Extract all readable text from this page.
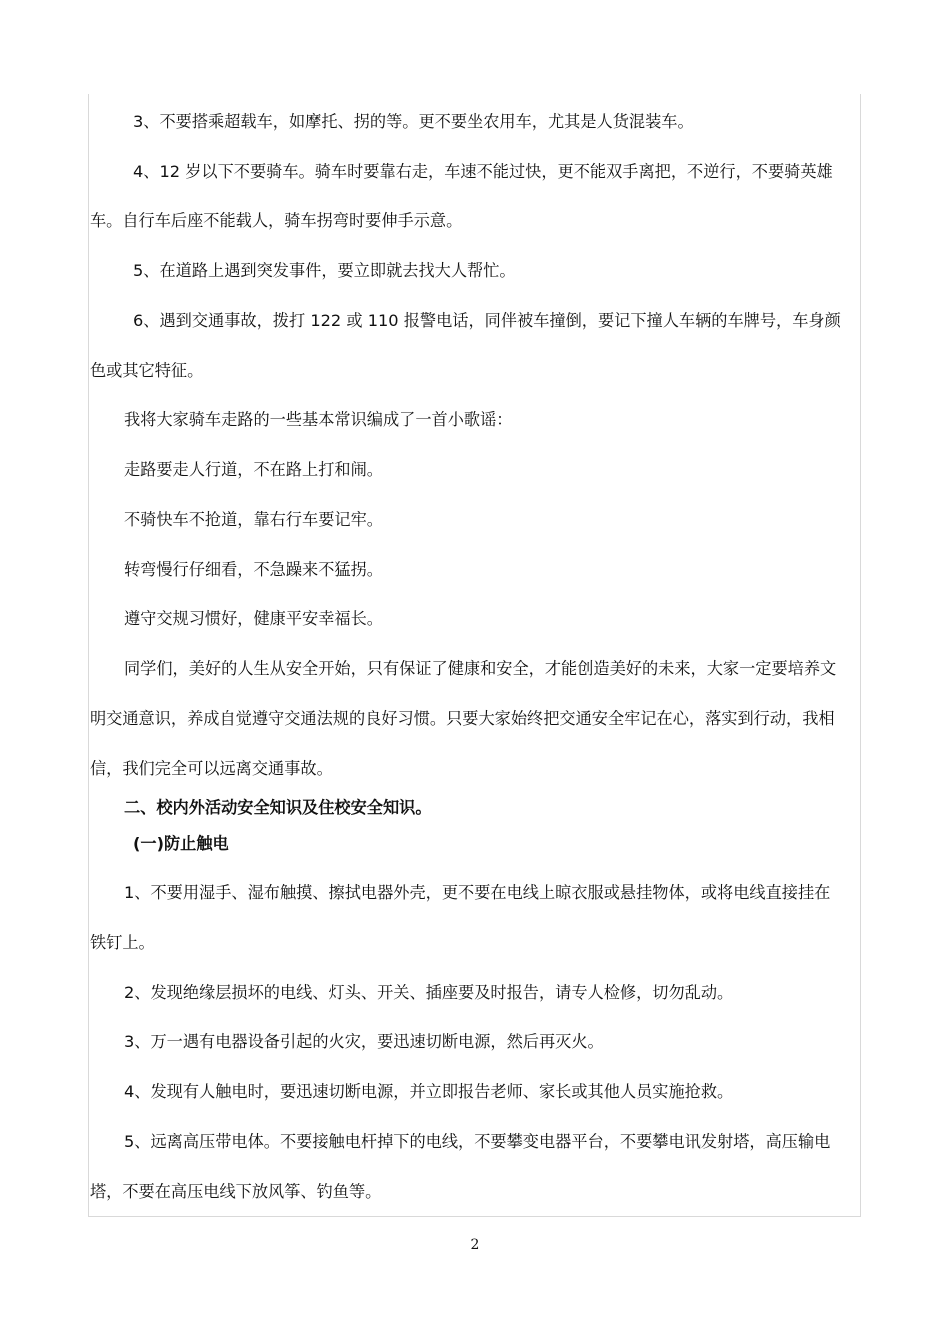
3、不要搭乘超载车，如摩托、拐的等。更不要坐农用车，尤其是人货混装车。
4、12 岁以下不要骑车。骑车时要靠右走，车速不能过快，更不能双手离把，不逆行，不要骑英雄
车。自行车后座不能载人，骑车拐弯时要伸手示意。
5、在道路上遇到突发事件，要立即就去找大人帮忙。
6、遇到交通事故，拨打 122 或 110 报警电话，同伴被车撞倒，要记下撞人车辆的车牌号，车身颜
色或其它特征。
我将大家骑车走路的一些基本常识编成了一首小歌谣：
走路要走人行道，不在路上打和闹。
不骑快车不抢道，靠右行车要记牢。
转弯慢行仔细看，不急躁来不猛拐。
遵守交规习惯好，健康平安幸福长。
同学们，美好的人生从安全开始，只有保证了健康和安全，才能创造美好的未来，大家一定要培养文
明交通意识，养成自觉遵守交通法规的良好习惯。只要大家始终把交通安全牢记在心，落实到行动，我相
信，我们完全可以远离交通事故。
二、校内外活动安全知识及住校安全知识。
(一)防止触电
1、不要用湿手、湿布触摸、擦拭电器外壳，更不要在电线上晾衣服或悬挂物体，或将电线直接挂在
铁钉上。
2、发现绝缘层损坏的电线、灯头、开关、插座要及时报告，请专人检修，切勿乱动。
3、万一遇有电器设备引起的火灾，要迅速切断电源，然后再灭火。
4、发现有人触电时，要迅速切断电源，并立即报告老师、家长或其他人员实施抢救。
5、远离高压带电体。不要接触电杆掉下的电线，不要攀变电器平台，不要攀电讯发射塔，高压输电
塔，不要在高压电线下放风筝、钓鱼等。
2
